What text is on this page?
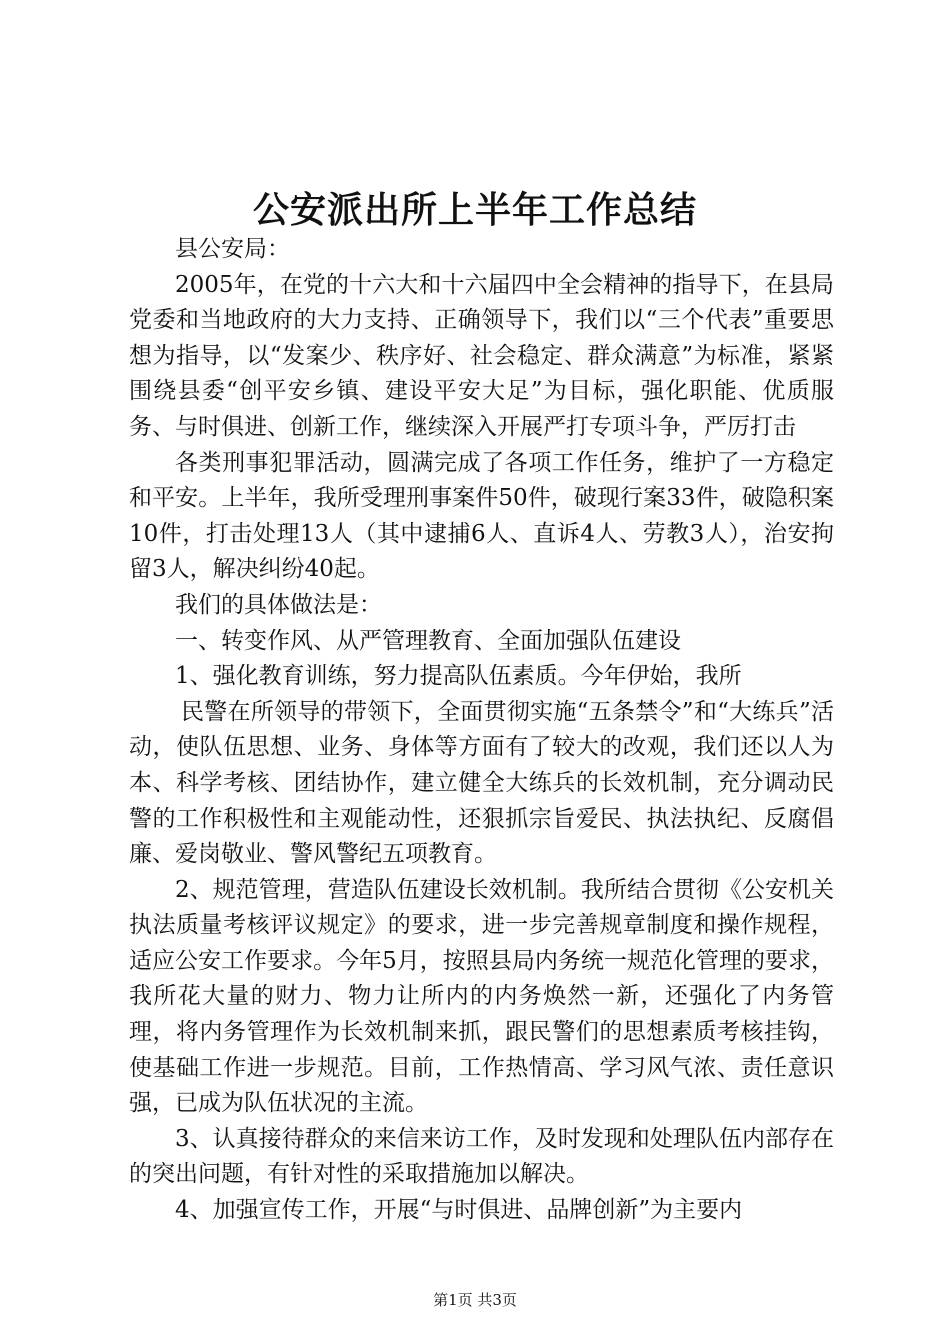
公安派出所上半年工作总结

县公安局：

2005年，在党的十六大和十六届四中全会精神的指导下，在县局党委和当地政府的大力支持、正确领导下，我们以“三个代表”重要思想为指导，以“发案少、秩序好、社会稳定、群众满意”为标准，紧紧围绕县委“创平安乡镇、建设平安大足”为目标，强化职能、优质服务、与时俱进、创新工作，继续深入开展严打专项斗争，严厉打击

各类刑事犯罪活动，圆满完成了各项工作任务，维护了一方稳定和平安。上半年，我所受理刑事案件50件，破现行案33件，破隐积案10件，打击处理13人（其中逮捕6人、直诉4人、劳教3人），治安拘留3人，解决纠纷40起。

我们的具体做法是：

一、转变作风、从严管理教育、全面加强队伍建设

1、强化教育训练，努力提高队伍素质。今年伊始，我所

民警在所领导的带领下，全面贯彻实施“五条禁令”和“大练兵”活动，使队伍思想、业务、身体等方面有了较大的改观，我们还以人为本、科学考核、团结协作，建立健全大练兵的长效机制，充分调动民警的工作积极性和主观能动性，还狠抓宗旨爱民、执法执纪、反腐倡廉、爱岗敬业、警风警纪五项教育。

2、规范管理，营造队伍建设长效机制。我所结合贯彻《公安机关执法质量考核评议规定》的要求，进一步完善规章制度和操作规程，适应公安工作要求。今年5月，按照县局内务统一规范化管理的要求，我所花大量的财力、物力让所内的内务焕然一新，还强化了内务管理，将内务管理作为长效机制来抓，跟民警们的思想素质考核挂钩，使基础工作进一步规范。目前，工作热情高、学习风气浓、责任意识强，已成为队伍状况的主流。

3、认真接待群众的来信来访工作，及时发现和处理队伍内部存在的突出问题，有针对性的采取措施加以解决。

4、加强宣传工作，开展“与时俱进、品牌创新”为主要内

第1页 共3页
